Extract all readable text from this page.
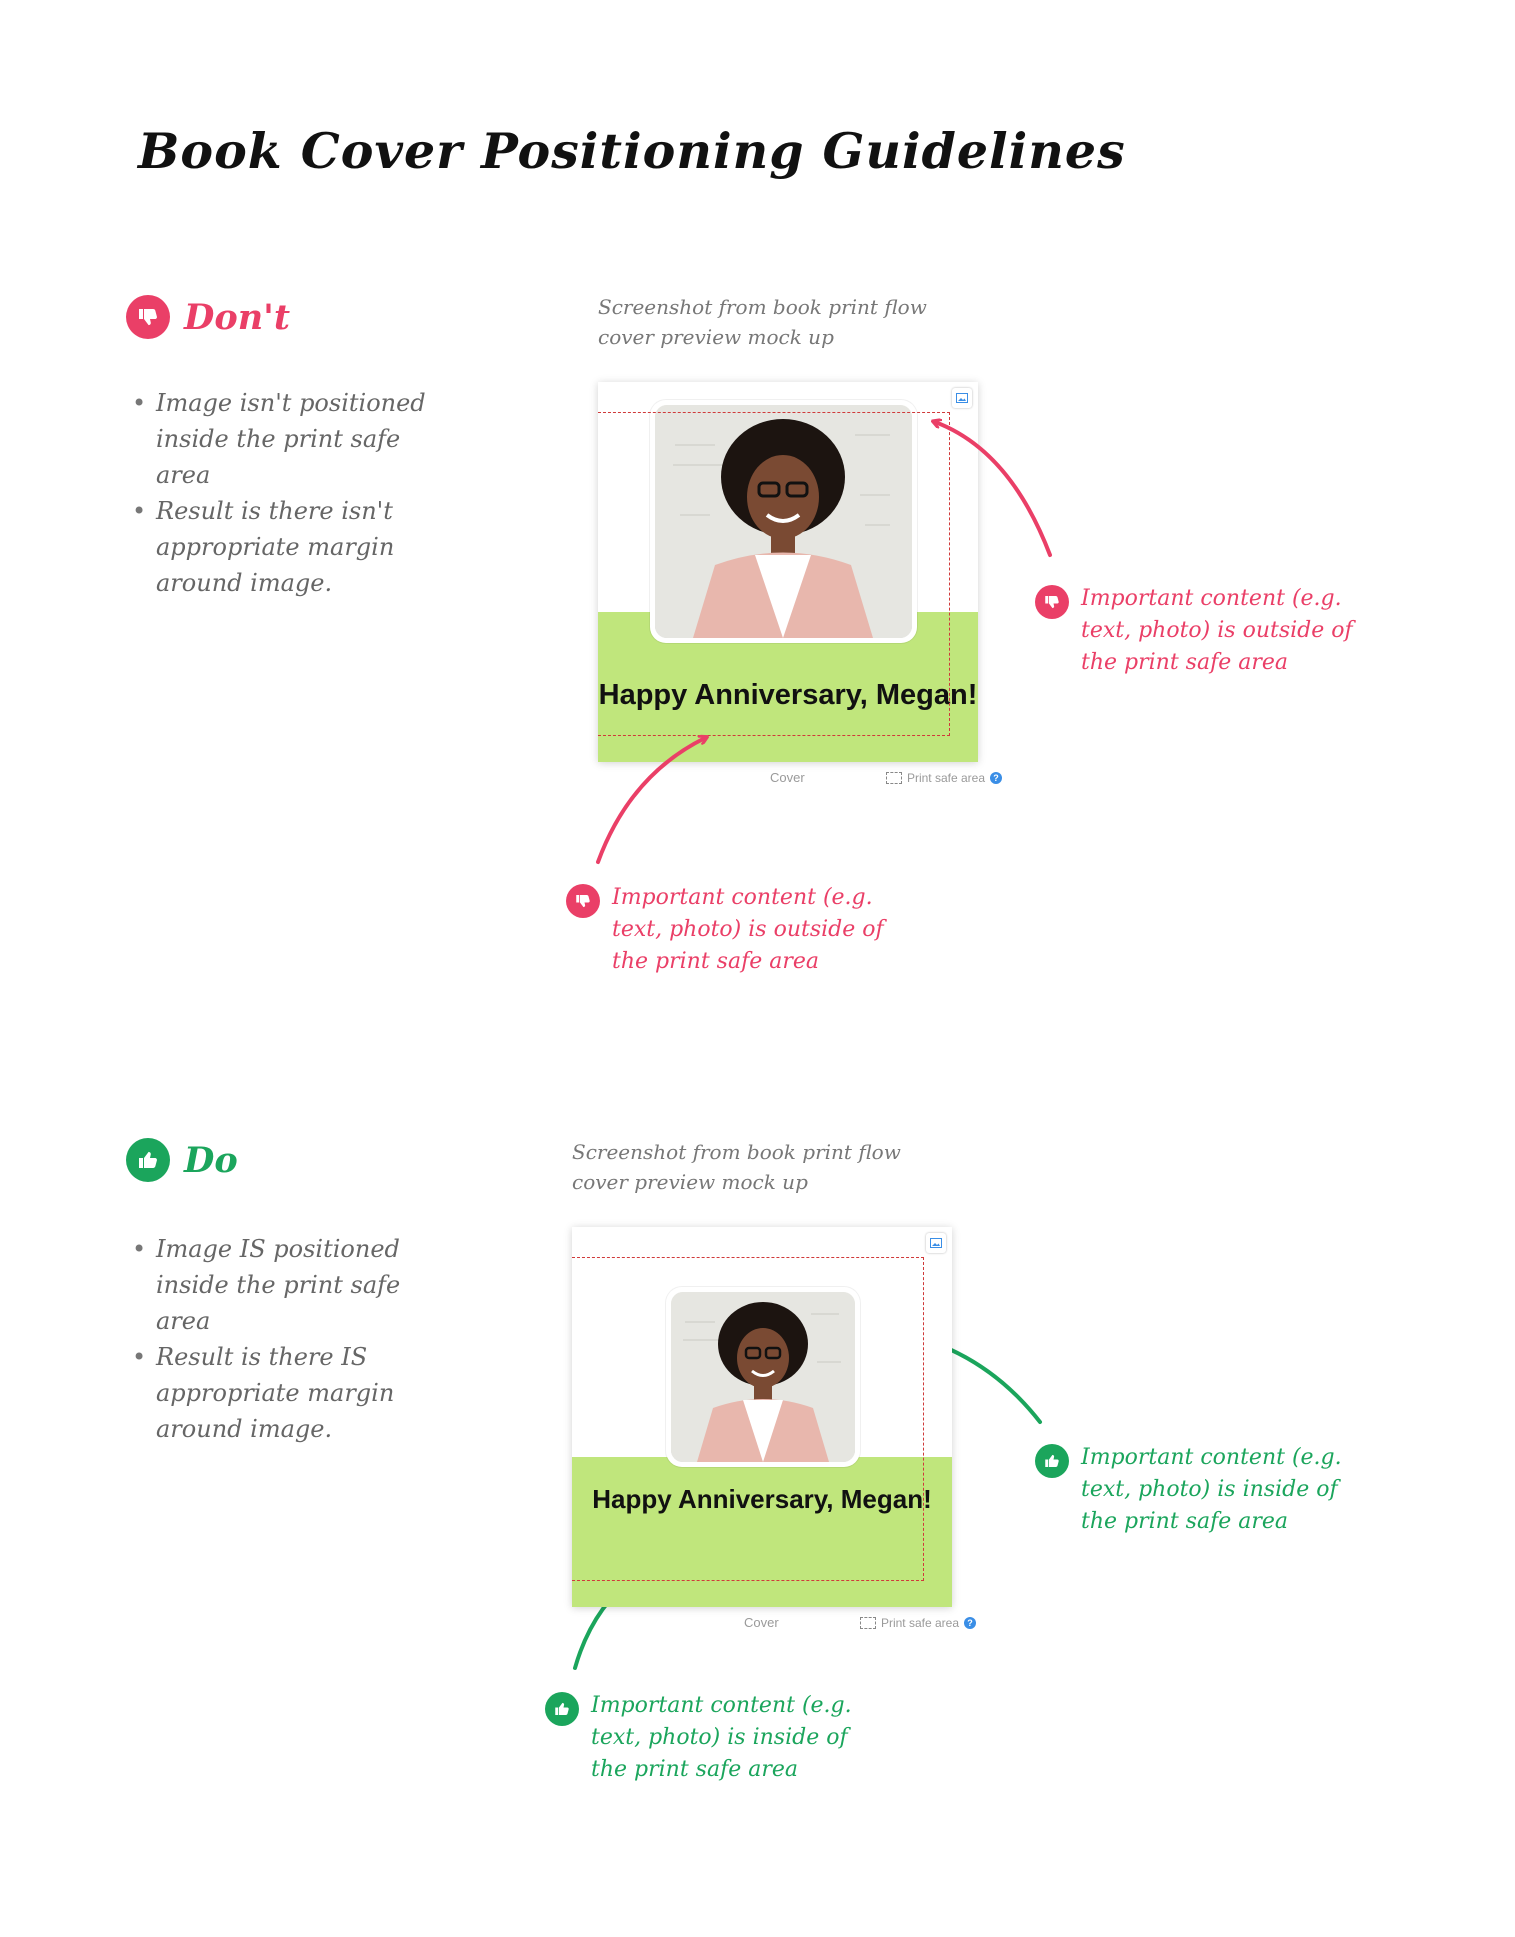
Book Cover Positioning Guidelines
Don't
• Image isn't positioned inside the print safe area
• Result is there isn't appropriate margin around image.
Screenshot from book print flow cover preview mock up
Happy Anniversary, Megan!
Cover	Print safe area ?
Important content (e.g. text, photo) is outside of the print safe area
Important content (e.g. text, photo) is outside of the print safe area
Do
• Image IS positioned inside the print safe area
• Result is there IS appropriate margin around image.
Screenshot from book print flow cover preview mock up
Happy Anniversary, Megan!
Cover	Print safe area ?
Important content (e.g. text, photo) is inside of the print safe area
Important content (e.g. text, photo) is inside of the print safe area
